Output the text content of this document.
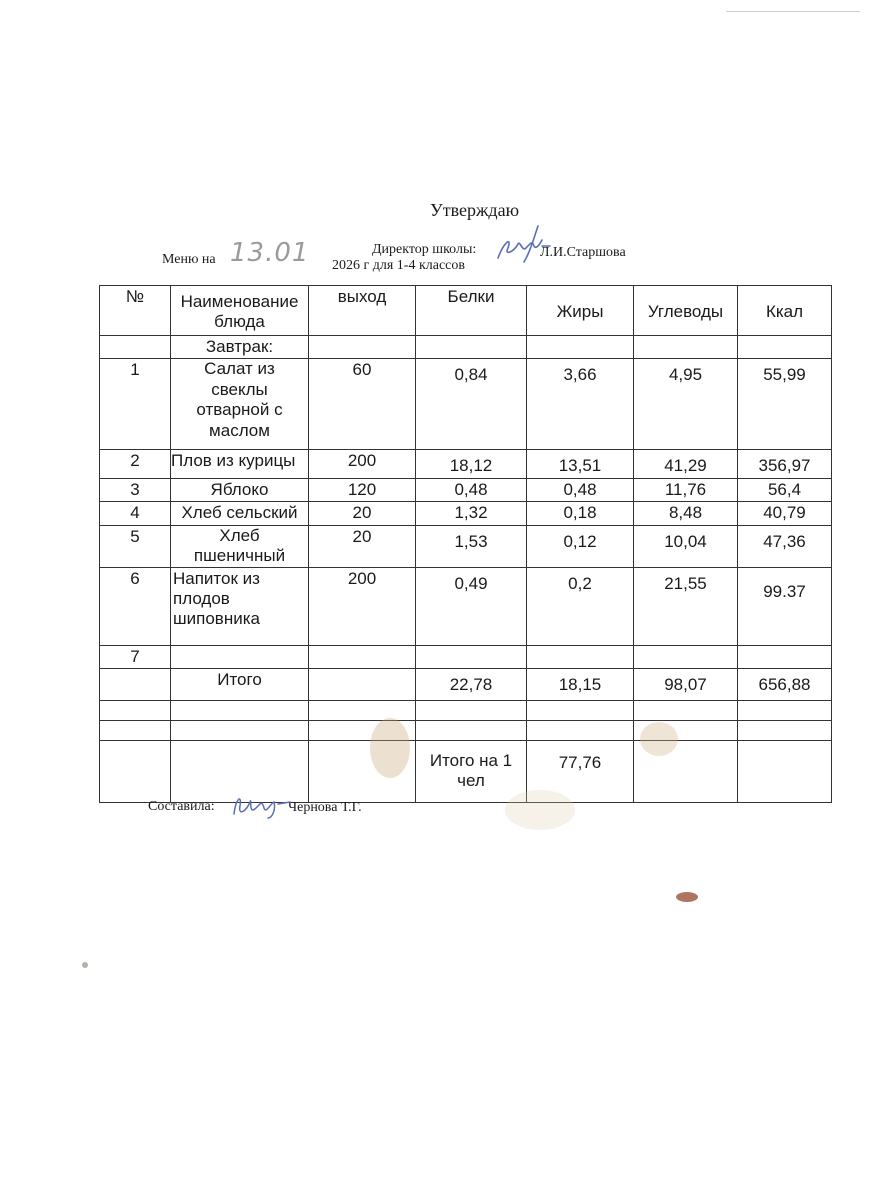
Утверждаю
Меню на 13.01	Директор школы:	Л.И.Старшова
2026 г для 1-4 классов
№	Наименование блюда	выход	Белки	Жиры	Углеводы	Ккал
	Завтрак:					
1	Салат из свеклы отварной с маслом	60	0,84	3,66	4,95	55,99
2	Плов из курицы	200	18,12	13,51	41,29	356,97
3	Яблоко	120	0,48	0,48	11,76	56,4
4	Хлеб сельский	20	1,32	0,18	8,48	40,79
5	Хлеб пшеничный	20	1,53	0,12	10,04	47,36
6	Напиток из плодов шиповника	200	0,49	0,2	21,55	99.37
7						
	Итого		22,78	18,15	98,07	656,88

			Итого на 1 чел	77,76		
Составила:	Чернова Т.Г.
